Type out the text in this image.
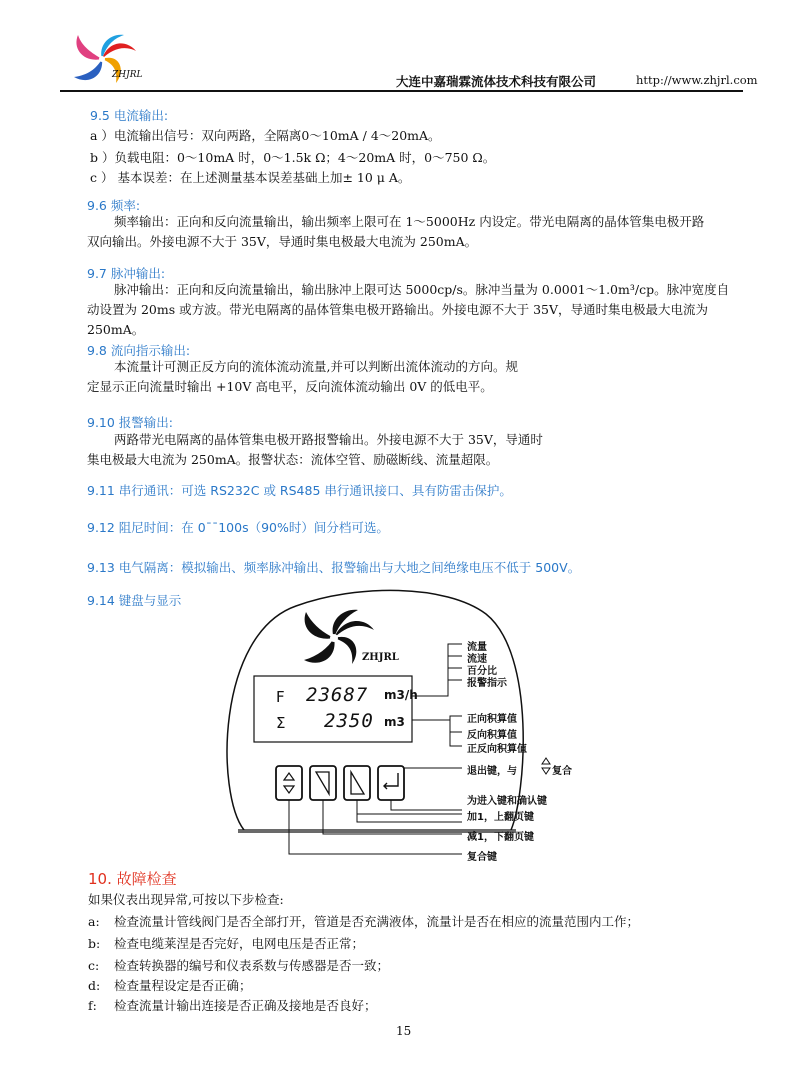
ZHJRL	大连中嘉瑞霖流体技术科技有限公司	http://www.zhjrl.com
9.5 电流输出:
a ）电流输出信号：双向两路，全隔离0～10mA / 4～20mA。
b ）负载电阻：0～10mA 时，0～1.5k Ω；4～20mA 时，0～750 Ω。
c ） 基本误差：在上述测量基本误差基础上加± 10 μ A。
9.6 频率:
频率输出：正向和反向流量输出，输出频率上限可在 1～5000Hz 内设定。带光电隔离的晶体管集电极开路
双向输出。外接电源不大于 35V，导通时集电极最大电流为 250mA。
9.7 脉冲输出:
脉冲输出：正向和反向流量输出，输出脉冲上限可达 5000cp/s。脉冲当量为 0.0001～1.0m³/cp。脉冲宽度自
动设置为 20ms 或方波。带光电隔离的晶体管集电极开路输出。外接电源不大于 35V，导通时集电极最大电流为
250mA。
9.8 流向指示输出:
本流量计可测正反方向的流体流动流量,并可以判断出流体流动的方向。规
定显示正向流量时输出 +10V 高电平，反向流体流动输出 0V 的低电平。
9.10 报警输出:
两路带光电隔离的晶体管集电极开路报警输出。外接电源不大于 35V，导通时
集电极最大电流为 250mA。报警状态：流体空管、励磁断线、流量超限。
9.11 串行通讯：可选 RS232C 或 RS485 串行通讯接口、具有防雷击保护。
9.12 阻尼时间：在 0¯¯100s（90%时）间分档可选。
9.13 电气隔离：模拟输出、频率脉冲输出、报警输出与大地之间绝缘电压不低于 500V。
9.14 键盘与显示
ZHJRL
F 23687 m3/h
Σ 2350 m3
流量
流速
百分比
报警指示
正向积算值
反向积算值
正反向积算值
退出键，与	复合
为进入键和确认键
加1，上翻页键
减1，下翻页键
复合键
10. 故障检查
如果仪表出现异常,可按以下步检查:
a: 检查流量计管线阀门是否全部打开，管道是否充满液体，流量计是否在相应的流量范围内工作；
b: 检查电缆莱涅是否完好，电网电压是否正常；
c: 检查转换器的编号和仪表系数与传感器是否一致；
d: 检查量程设定是否正确；
f: 检查流量计输出连接是否正确及接地是否良好；
15
